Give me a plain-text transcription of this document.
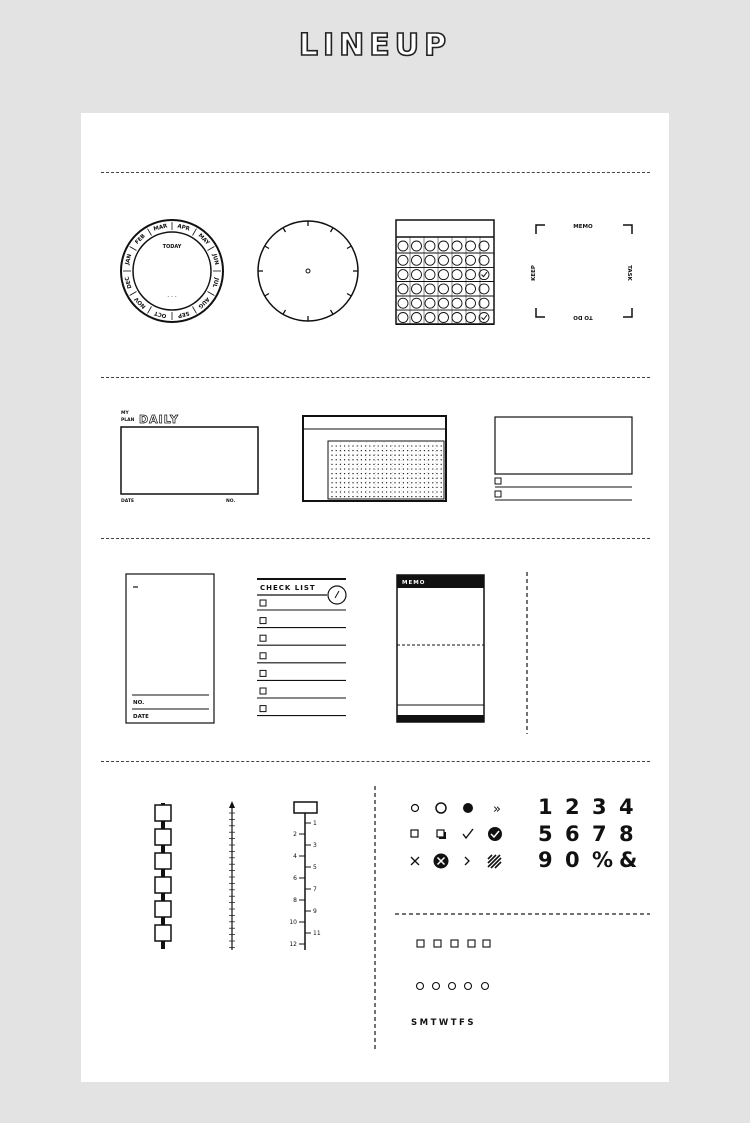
LINEUP
JAN
FEB
MAR APR
MAY
JUN
JUL
AUG
SEP
OCT
NOV
DEC
TODAY
· · ·
MEMO
KEEP	TASK
TO DO
MY
PLAN DAILY
DATE	NO.
NO.
DATE
CHECK LIST
MEMO
1
2
3
4
5
6
7
8
9
10
11
12
» 1 2 3 4
5 6 7 8
9 0 % &
SMTWTFS
